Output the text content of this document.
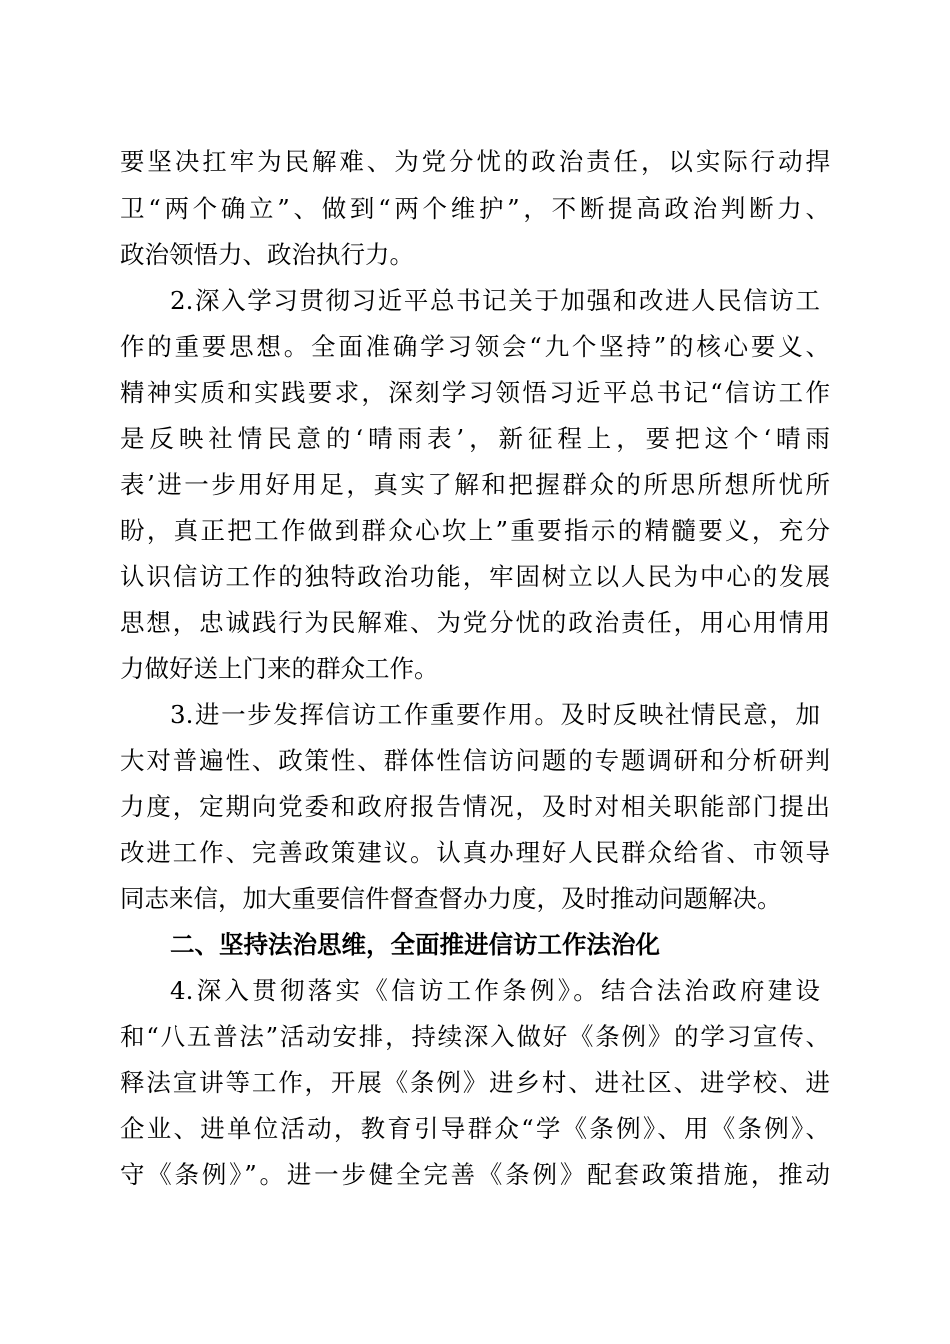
要坚决扛牢为民解难、为党分忧的政治责任，以实际行动捍
卫“两个确立”、做到“两个维护”，不断提高政治判断力、
政治领悟力、政治执行力。
2.深入学习贯彻习近平总书记关于加强和改进人民信访工
作的重要思想。全面准确学习领会“九个坚持”的核心要义、
精神实质和实践要求，深刻学习领悟习近平总书记“信访工作
是反映社情民意的‘晴雨表’，新征程上，要把这个‘晴雨
表’进一步用好用足，真实了解和把握群众的所思所想所忧所
盼，真正把工作做到群众心坎上”重要指示的精髓要义，充分
认识信访工作的独特政治功能，牢固树立以人民为中心的发展
思想，忠诚践行为民解难、为党分忧的政治责任，用心用情用
力做好送上门来的群众工作。
3.进一步发挥信访工作重要作用。及时反映社情民意，加
大对普遍性、政策性、群体性信访问题的专题调研和分析研判
力度，定期向党委和政府报告情况，及时对相关职能部门提出
改进工作、完善政策建议。认真办理好人民群众给省、市领导
同志来信，加大重要信件督查督办力度，及时推动问题解决。
二、坚持法治思维，全面推进信访工作法治化
4.深入贯彻落实《信访工作条例》。结合法治政府建设
和“八五普法”活动安排，持续深入做好《条例》的学习宣传、
释法宣讲等工作，开展《条例》进乡村、进社区、进学校、进
企业、进单位活动，教育引导群众“学《条例》、用《条例》、
守《条例》”。进一步健全完善《条例》配套政策措施，推动
